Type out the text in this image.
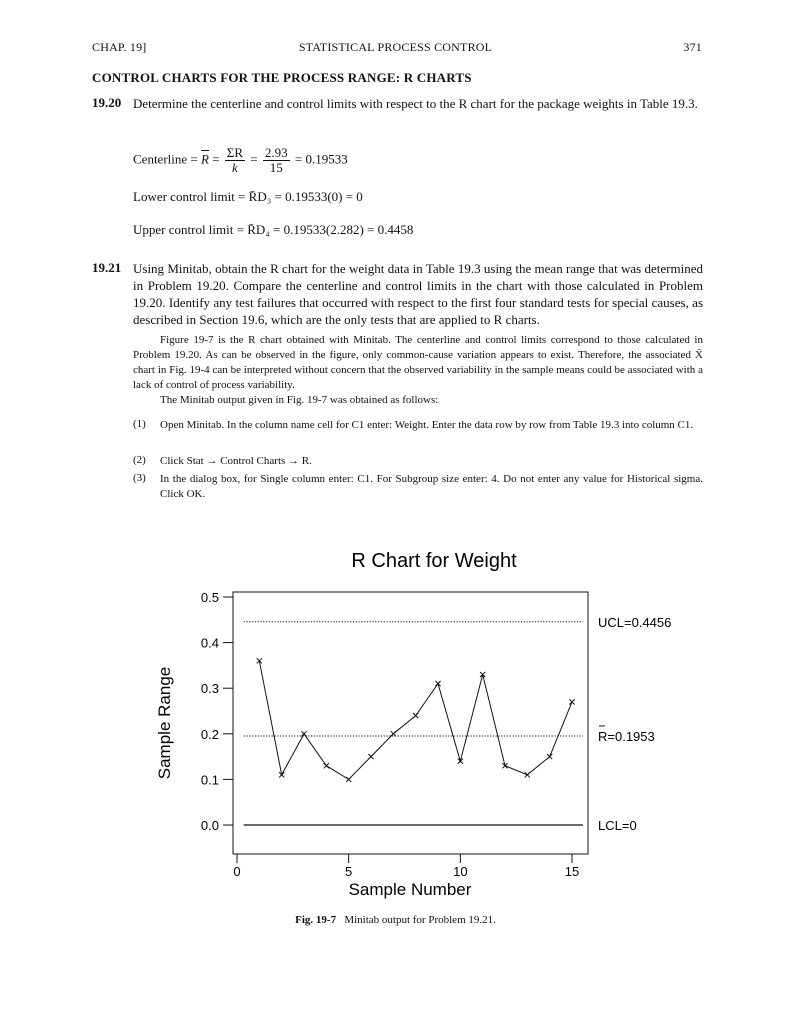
CHAP. 19]	STATISTICAL PROCESS CONTROL	371
CONTROL CHARTS FOR THE PROCESS RANGE: R CHARTS
19.20 Determine the centerline and control limits with respect to the R chart for the package weights in Table 19.3.
Centerline = $\overline{R} = \frac{\Sigma R}{k} = \frac{2.93}{15} = 0.19533$
Lower control limit = R̄D₃ = 0.19533(0) = 0
Upper control limit = R̄D₄ = 0.19533(2.282) = 0.4458
19.21 Using Minitab, obtain the R chart for the weight data in Table 19.3 using the mean range that was determined in Problem 19.20. Compare the centerline and control limits in the chart with those calculated in Problem 19.20. Identify any test failures that occurred with respect to the first four standard tests for special causes, as described in Section 19.6, which are the only tests that are applied to R charts.
Figure 19-7 is the R chart obtained with Minitab. The centerline and control limits correspond to those calculated in Problem 19.20. As can be observed in the figure, only common-cause variation appears to exist. Therefore, the associated X̄ chart in Fig. 19-4 can be interpreted without concern that the observed variability in the sample means could be associated with a lack of control of process variability.
The Minitab output given in Fig. 19-7 was obtained as follows:
(1) Open Minitab. In the column name cell for C1 enter: Weight. Enter the data row by row from Table 19.3 into column C1.
(2) Click Stat → Control Charts → R.
(3) In the dialog box, for Single column enter: C1. For Subgroup size enter: 4. Do not enter any value for Historical sigma. Click OK.
R Chart for Weight
0.0
0.1
0.2
0.3
0.4
0.5
0	5	10	15
UCL=0.4456
R=0.1953
LCL=0
Sample Range
Sample Number
Fig. 19-7 Minitab output for Problem 19.21.
